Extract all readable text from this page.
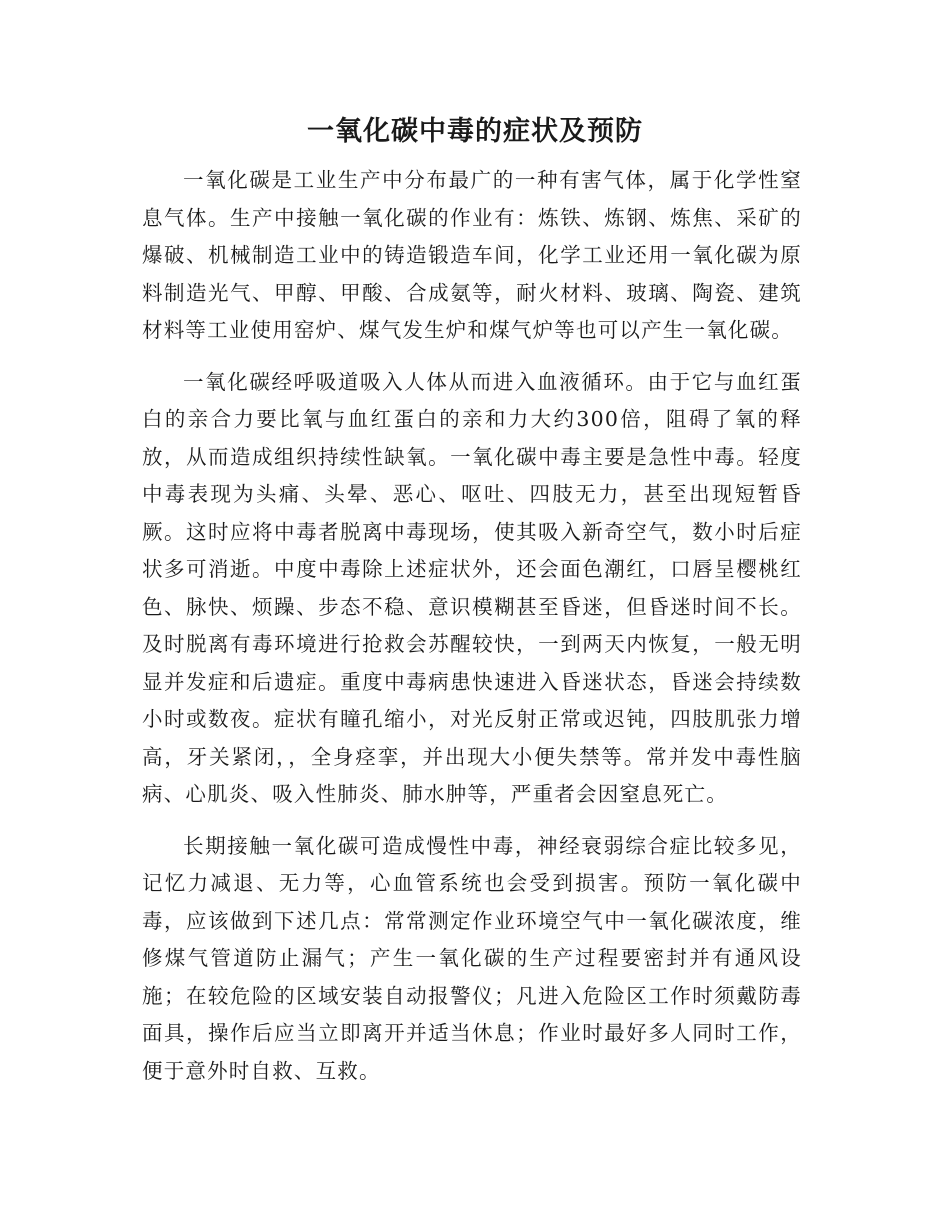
一氧化碳中毒的症状及预防

一氧化碳是工业生产中分布最广的一种有害气体，属于化学性窒息气体。生产中接触一氧化碳的作业有：炼铁、炼钢、炼焦、采矿的爆破、机械制造工业中的铸造锻造车间，化学工业还用一氧化碳为原料制造光气、甲醇、甲酸、合成氨等，耐火材料、玻璃、陶瓷、建筑材料等工业使用窑炉、煤气发生炉和煤气炉等也可以产生一氧化碳。

一氧化碳经呼吸道吸入人体从而进入血液循环。由于它与血红蛋白的亲合力要比氧与血红蛋白的亲和力大约300倍，阻碍了氧的释放，从而造成组织持续性缺氧。一氧化碳中毒主要是急性中毒。轻度中毒表现为头痛、头晕、恶心、呕吐、四肢无力，甚至出现短暂昏厥。这时应将中毒者脱离中毒现场，使其吸入新奇空气，数小时后症状多可消逝。中度中毒除上述症状外，还会面色潮红，口唇呈樱桃红色、脉快、烦躁、步态不稳、意识模糊甚至昏迷，但昏迷时间不长。及时脱离有毒环境进行抢救会苏醒较快，一到两天内恢复，一般无明显并发症和后遗症。重度中毒病患快速进入昏迷状态，昏迷会持续数小时或数夜。症状有瞳孔缩小，对光反射正常或迟钝，四肢肌张力增高，牙关紧闭，，全身痉挛，并出现大小便失禁等。常并发中毒性脑病、心肌炎、吸入性肺炎、肺水肿等，严重者会因窒息死亡。

长期接触一氧化碳可造成慢性中毒，神经衰弱综合症比较多见，记忆力减退、无力等，心血管系统也会受到损害。预防一氧化碳中毒，应该做到下述几点：常常测定作业环境空气中一氧化碳浓度，维修煤气管道防止漏气；产生一氧化碳的生产过程要密封并有通风设施；在较危险的区域安装自动报警仪；凡进入危险区工作时须戴防毒面具，操作后应当立即离开并适当休息；作业时最好多人同时工作，便于意外时自救、互救。
